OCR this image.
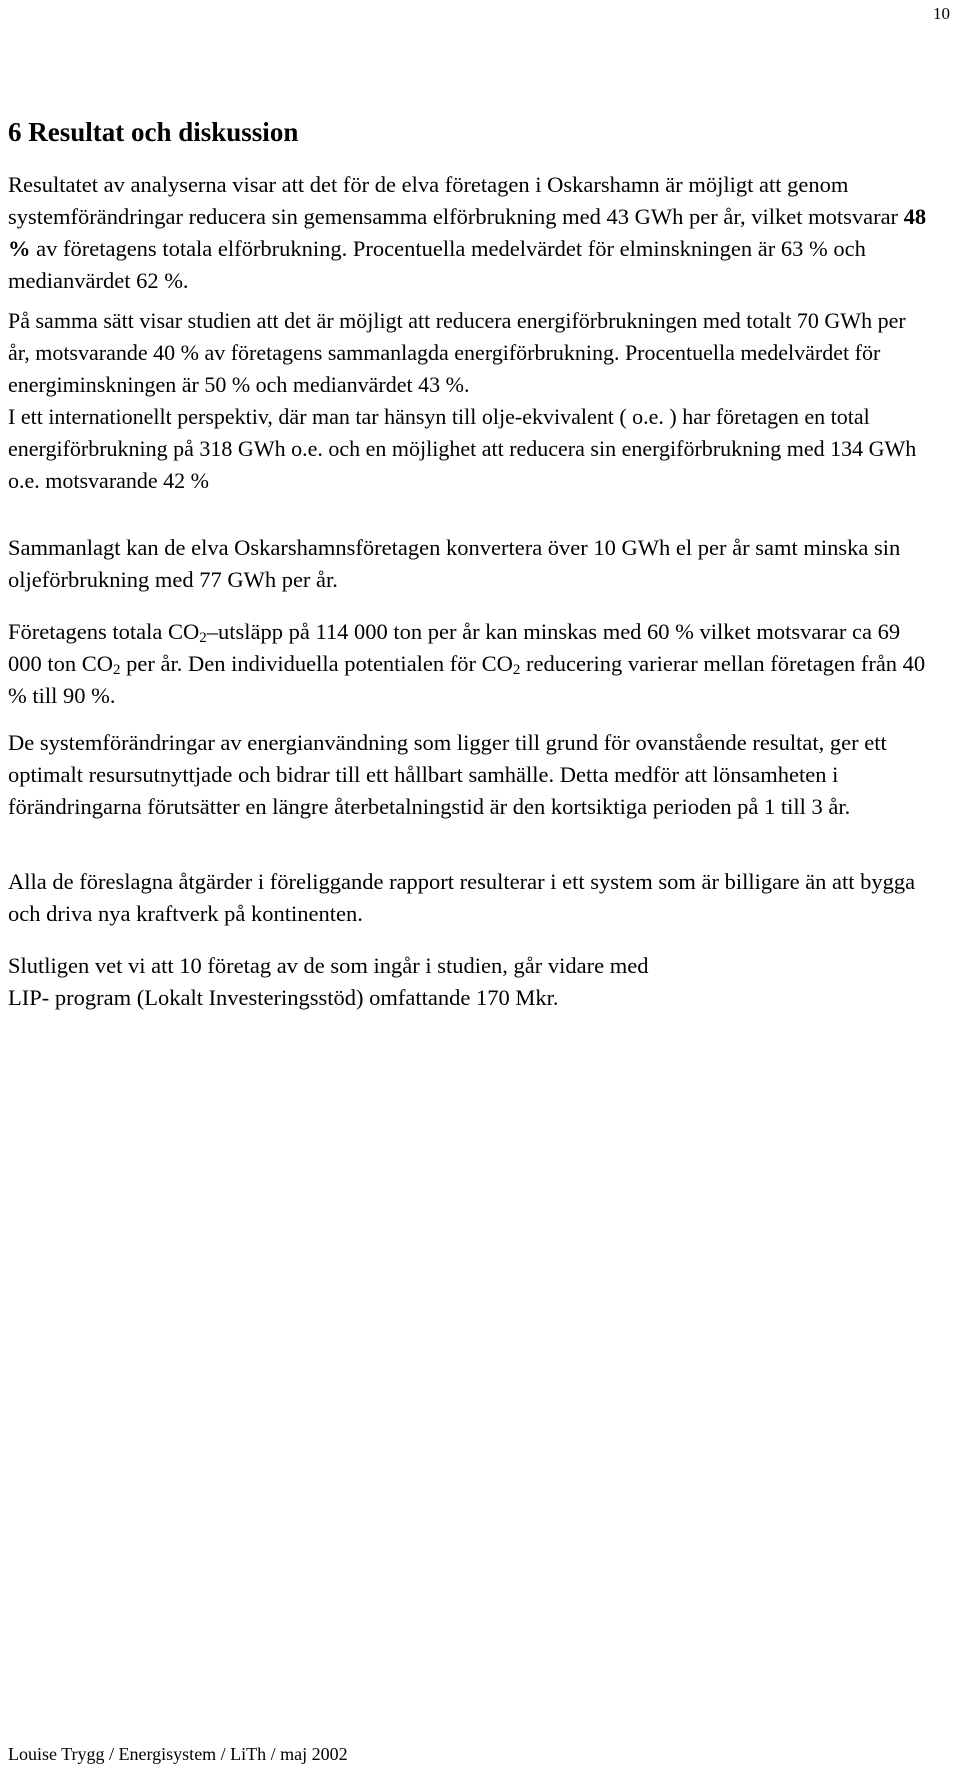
10
6 Resultat och diskussion

Resultatet av analyserna visar att det för de elva företagen i Oskarshamn är möjligt att genom systemförändringar reducera sin gemensamma elförbrukning med 43 GWh per år, vilket motsvarar 48 % av företagens totala elförbrukning. Procentuella medelvärdet för elminskningen är 63 % och medianvärdet 62 %.

På samma sätt visar studien att det är möjligt att reducera energiförbrukningen med totalt 70 GWh per år, motsvarande 40 % av företagens sammanlagda energiförbrukning. Procentuella medelvärdet för energiminskningen är 50 % och medianvärdet 43 %.
I ett internationellt perspektiv, där man tar hänsyn till olje-ekvivalent ( o.e. ) har företagen en total energiförbrukning på 318 GWh o.e. och en möjlighet att reducera sin energiförbrukning med 134 GWh o.e. motsvarande 42 %

Sammanlagt kan de elva Oskarshamnsföretagen konvertera över 10 GWh el per år samt minska sin oljeförbrukning med 77 GWh per år.

Företagens totala $CO_2$–utsläpp på 114 000 ton per år kan minskas med 60 % vilket motsvarar ca 69 000 ton $CO_2$ per år. Den individuella potentialen för $CO_2$ reducering varierar mellan företagen från 40 % till 90 %.

De systemförändringar av energianvändning som ligger till grund för ovanstående resultat, ger ett optimalt resursutnyttjade och bidrar till ett hållbart samhälle. Detta medför att lönsamheten i förändringarna förutsätter en längre återbetalningstid är den kortsiktiga perioden på 1 till 3 år.

Alla de föreslagna åtgärder i föreliggande rapport resulterar i ett system som är billigare än att bygga och driva nya kraftverk på kontinenten.

Slutligen vet vi att 10 företag av de som ingår i studien, går vidare med
LIP- program (Lokalt Investeringsstöd) omfattande 170 Mkr.

Louise Trygg / Energisystem / LiTh / maj 2002
